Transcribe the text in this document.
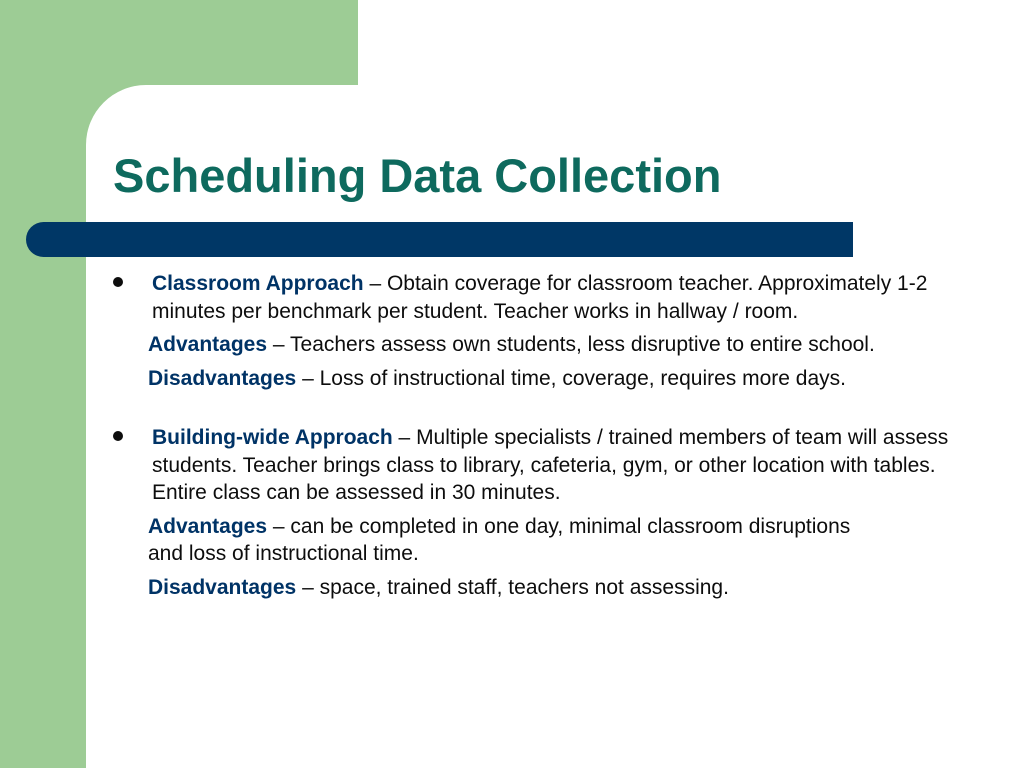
Scheduling Data Collection

Classroom Approach – Obtain coverage for classroom teacher. Approximately 1-2 minutes per benchmark per student. Teacher works in hallway / room.

Advantages – Teachers assess own students, less disruptive to entire school.
Disadvantages – Loss of instructional time, coverage, requires more days.

Building-wide Approach – Multiple specialists / trained members of team will assess students. Teacher brings class to library, cafeteria, gym, or other location with tables. Entire class can be assessed in 30 minutes.

Advantages – can be completed in one day, minimal classroom disruptions and loss of instructional time.
Disadvantages – space, trained staff, teachers not assessing.
